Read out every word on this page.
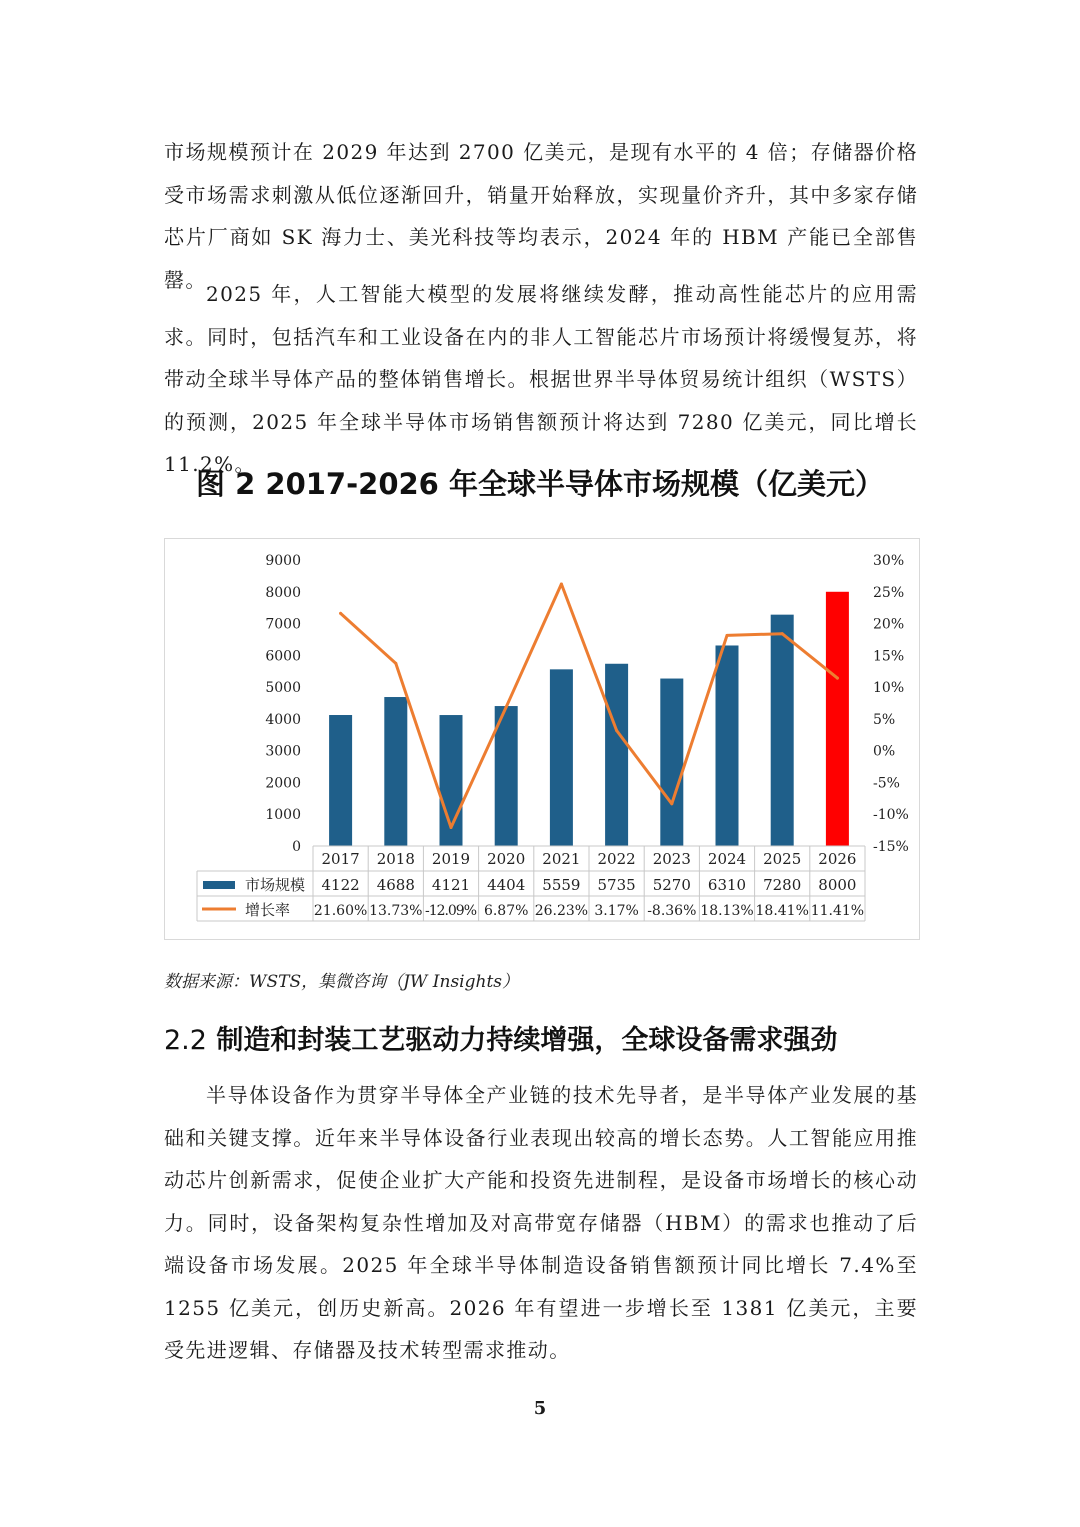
市场规模预计在 2029 年达到 2700 亿美元，是现有水平的 4 倍；存储器价格受市场需求刺激从低位逐渐回升，销量开始释放，实现量价齐升，其中多家存储芯片厂商如 SK 海力士、美光科技等均表示，2024 年的 HBM 产能已全部售罄。

2025 年，人工智能大模型的发展将继续发酵，推动高性能芯片的应用需求。同时，包括汽车和工业设备在内的非人工智能芯片市场预计将缓慢复苏，将带动全球半导体产品的整体销售增长。根据世界半导体贸易统计组织（WSTS）的预测，2025 年全球半导体市场销售额预计将达到 7280 亿美元，同比增长 11.2%。

图 2 2017-2026 年全球半导体市场规模（亿美元）
0
1000
2000
3000
4000
5000
6000
7000
8000
9000
-15%
-10%
-5%
0%
5%
10%
15%
20%
25%
30%
2017 2018 2019 2020 2021 2022 2023 2024 2025 2026
市场规模 4122 4688 4121 4404 5559 5735 5270 6310 7280 8000
增长率 21.60% 13.73% -12.09% 6.87% 26.23% 3.17% -8.36% 18.13% 18.41% 11.41%
数据来源：WSTS，集微咨询（JW Insights）
2.2 制造和封装工艺驱动力持续增强，全球设备需求强劲

半导体设备作为贯穿半导体全产业链的技术先导者，是半导体产业发展的基础和关键支撑。近年来半导体设备行业表现出较高的增长态势。人工智能应用推动芯片创新需求，促使企业扩大产能和投资先进制程，是设备市场增长的核心动力。同时，设备架构复杂性增加及对高带宽存储器（HBM）的需求也推动了后端设备市场发展。2025 年全球半导体制造设备销售额预计同比增长 7.4%至 1255 亿美元，创历史新高。2026 年有望进一步增长至 1381 亿美元，主要受先进逻辑、存储器及技术转型需求推动。

5
